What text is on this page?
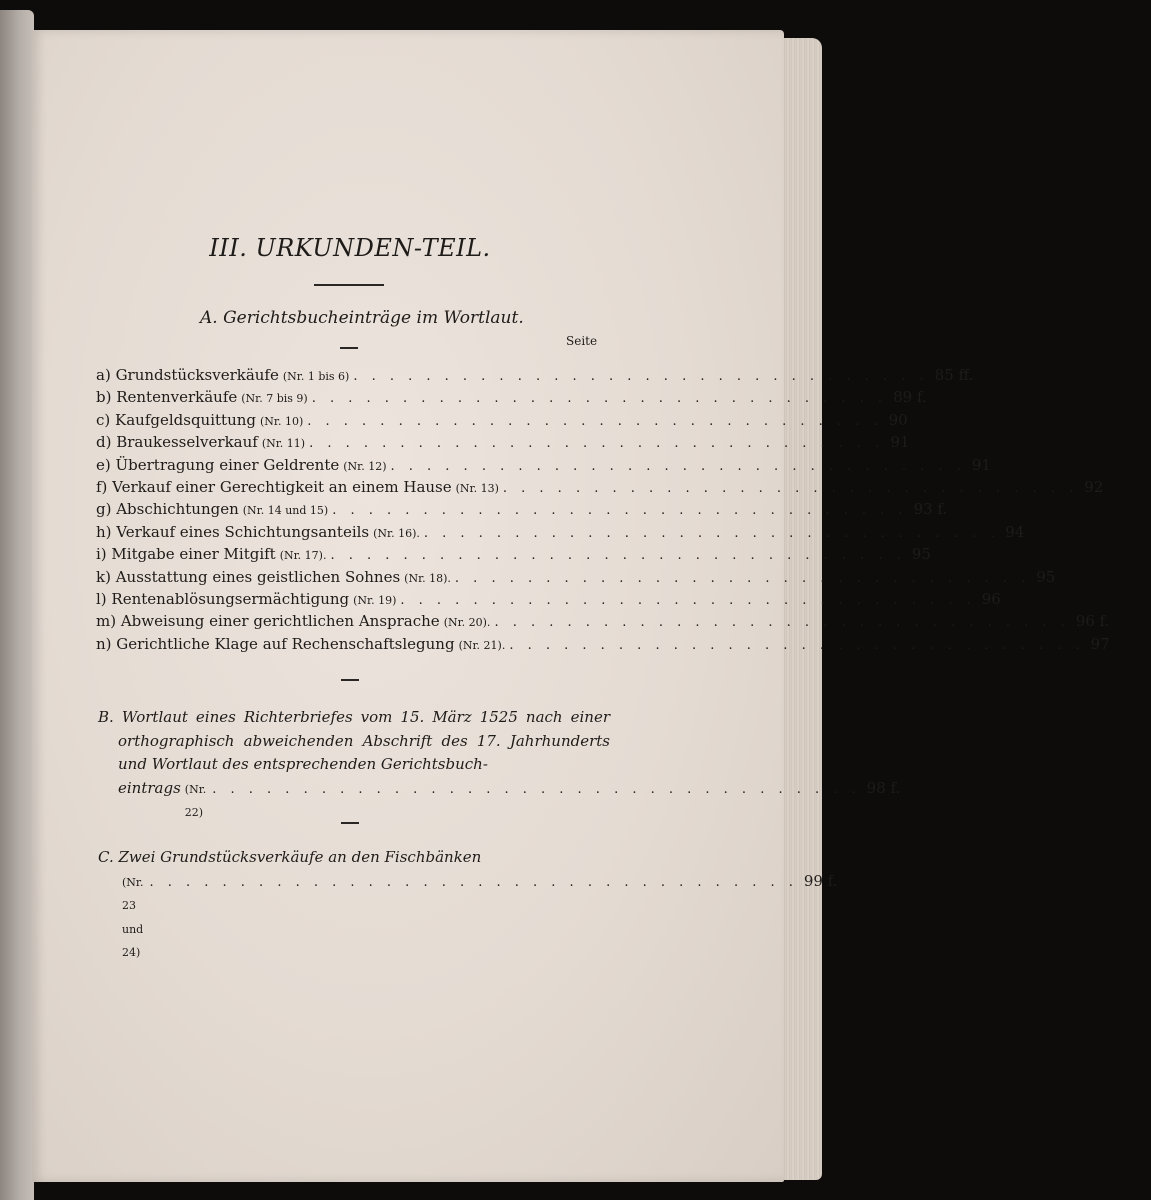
III. URKUNDEN-TEIL.
A. Gerichtsbucheinträge im Wortlaut.
Seite
a) Grundstücksverkäufe (Nr. 1 bis 6) . . . . . . . . . . . . . . . . . . . . . . . . . . . . . . . . 85 ff.
b) Rentenverkäufe (Nr. 7 bis 9) . . . . . . . . . . . . . . . . . . . . . . . . . . . . . . . . 89 f.
c) Kaufgeldsquittung (Nr. 10) . . . . . . . . . . . . . . . . . . . . . . . . . . . . . . . . 90
d) Braukesselverkauf (Nr. 11) . . . . . . . . . . . . . . . . . . . . . . . . . . . . . . . . 91
e) Übertragung einer Geldrente (Nr. 12) . . . . . . . . . . . . . . . . . . . . . . . . . . . . . . . . 91
f) Verkauf einer Gerechtigkeit an einem Hause (Nr. 13) . . . . . . . . . . . . . . . . . . . . . . . . . . . . . . . . 92
g) Abschichtungen (Nr. 14 und 15) . . . . . . . . . . . . . . . . . . . . . . . . . . . . . . . . 93 f.
h) Verkauf eines Schichtungsanteils (Nr. 16). . . . . . . . . . . . . . . . . . . . . . . . . . . . . . . . . 94
i) Mitgabe einer Mitgift (Nr. 17). . . . . . . . . . . . . . . . . . . . . . . . . . . . . . . . . 95
k) Ausstattung eines geistlichen Sohnes (Nr. 18). . . . . . . . . . . . . . . . . . . . . . . . . . . . . . . . . 95
l) Rentenablösungsermächtigung (Nr. 19) . . . . . . . . . . . . . . . . . . . . . . . . . . . . . . . . 96
m) Abweisung einer gerichtlichen Ansprache (Nr. 20). . . . . . . . . . . . . . . . . . . . . . . . . . . . . . . . . 96 f.
n) Gerichtliche Klage auf Rechenschaftslegung (Nr. 21). . . . . . . . . . . . . . . . . . . . . . . . . . . . . . . . . 97
B. Wortlaut eines Richterbriefes vom 15. März 1525 nach einer orthographisch abweichenden Abschrift des 17. Jahrhunderts und Wortlaut des entsprechenden Gerichtsbuch-
eintrags (Nr. 22)
. . . . . . . . . . . . . . . . . . . . . . . . . . . . . . . . . . . . 98 f.
C. Zwei Grundstücksverkäufe an den Fischbänken
(Nr. 23 und 24)
. . . . . . . . . . . . . . . . . . . . . . . . . . . . . . . . . . . . 99 f.
